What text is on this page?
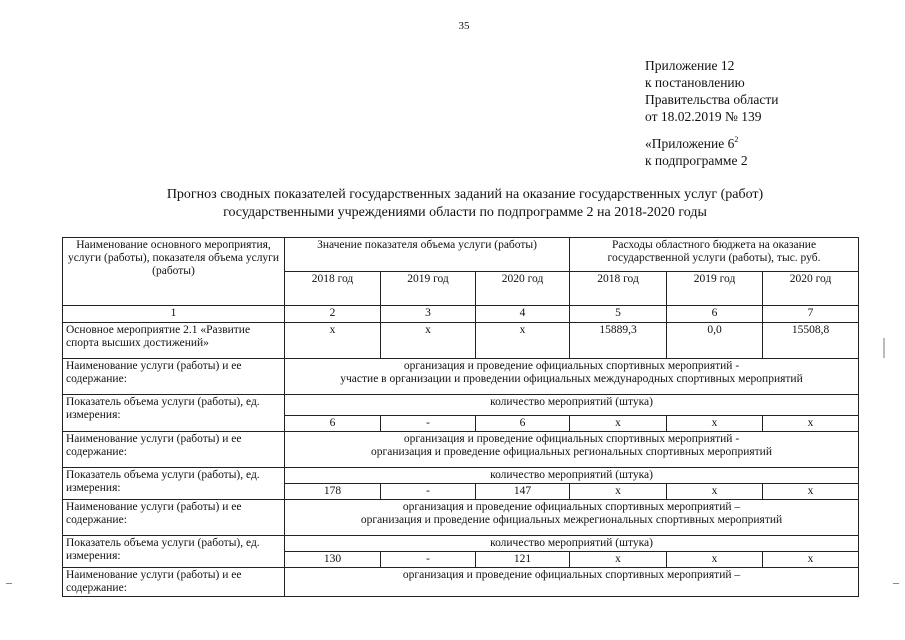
35
Приложение 12
к постановлению
Правительства области
от 18.02.2019 № 139
«Приложение $6^2$
к подпрограмме 2
Прогноз сводных показателей государственных заданий на оказание государственных услуг (работ)
государственными учреждениями области по подпрограмме 2 на 2018-2020 годы
Наименование основного мероприятия, услуги (работы), показателя объема услуги (работы)	Значение показателя объема услуги (работы)			Расходы областного бюджета на оказание государственной услуги (работы), тыс. руб.		
	2018 год	2019 год	2020 год	2018 год	2019 год	2020 год
1	2	3	4	5	6	7
Основное мероприятие 2.1 «Развитие спорта высших достижений»	x	x	x	15889,3	0,0	15508,8
Наименование услуги (работы) и ее содержание:	организация и проведение официальных спортивных мероприятий -
участие в организации и проведении официальных международных спортивных мероприятий					

Показатель объема услуги (работы), ед. измерения:	количество мероприятий (штука)					
	6	-	6	x	x	x
Наименование услуги (работы) и ее содержание:	организация и проведение официальных спортивных мероприятий -
организация и проведение официальных региональных спортивных мероприятий					

Показатель объема услуги (работы), ед. измерения:	количество мероприятий (штука)					
	178	-	147	x	x	x
Наименование услуги (работы) и ее содержание:	организация и проведение официальных спортивных мероприятий –
организация и проведение официальных межрегиональных спортивных мероприятий					

Показатель объема услуги (работы), ед. измерения:	количество мероприятий (штука)					
	130	-	121	x	x	x
Наименование услуги (работы) и ее содержание:	организация и проведение официальных спортивных мероприятий –					
